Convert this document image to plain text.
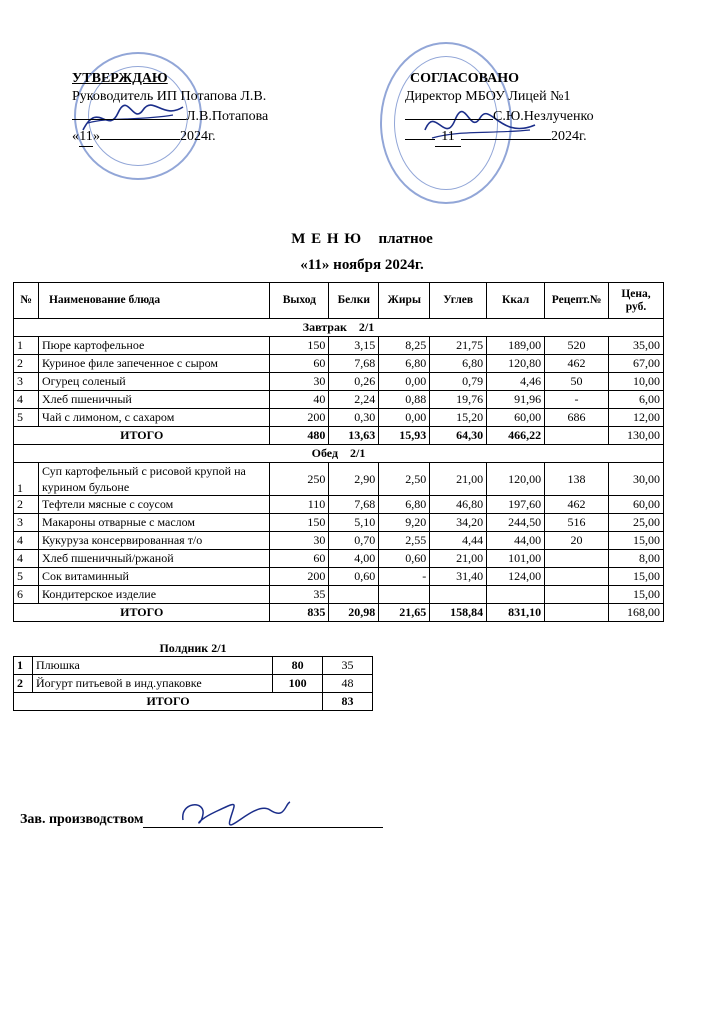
УТВЕРЖДАЮ
Руководитель ИП Потапова Л.В.
Л.В.Потапова
«11»	2024г.
СОГЛАСОВАНО
Директор МБОУ Лицей №1
С.Ю.Незлученко
11	2024г.
М Е Н Ю   платное
«11» ноября 2024г.
№	Наименование блюда	Выход	Белки	Жиры	Углев	Ккал	Рецепт.№	Цена, руб.
Завтрак    2/1								
1	Пюре картофельное	150	3,15	8,25	21,75	189,00	520	35,00
2	Куриное филе запеченное с сыром	60	7,68	6,80	6,80	120,80	462	67,00
3	Огурец соленый	30	0,26	0,00	0,79	4,46	50	10,00
4	Хлеб пшеничный	40	2,24	0,88	19,76	91,96	-	6,00
5	Чай с лимоном, с сахаром	200	0,30	0,00	15,20	60,00	686	12,00
ИТОГО		480	13,63	15,93	64,30	466,22		130,00
Обед    2/1								
1	Суп картофельный с рисовой крупой на курином бульоне	250	2,90	2,50	21,00	120,00	138	30,00
2	Тефтели мясные с соусом	110	7,68	6,80	46,80	197,60	462	60,00
3	Макароны отварные с маслом	150	5,10	9,20	34,20	244,50	516	25,00
4	Кукуруза консервированная т/о	30	0,70	2,55	4,44	44,00	20	15,00
4	Хлеб пшеничный/ржаной	60	4,00	0,60	21,00	101,00		8,00
5	Сок витаминный	200	0,60	-	31,40	124,00		15,00
6	Кондитерское изделие	35						15,00
ИТОГО		835	20,98	21,65	158,84	831,10		168,00
Полдник 2/1
1	Плюшка	80	35
2	Йогурт питьевой в инд.упаковке	100	48
ИТОГО			83
Зав. производством
